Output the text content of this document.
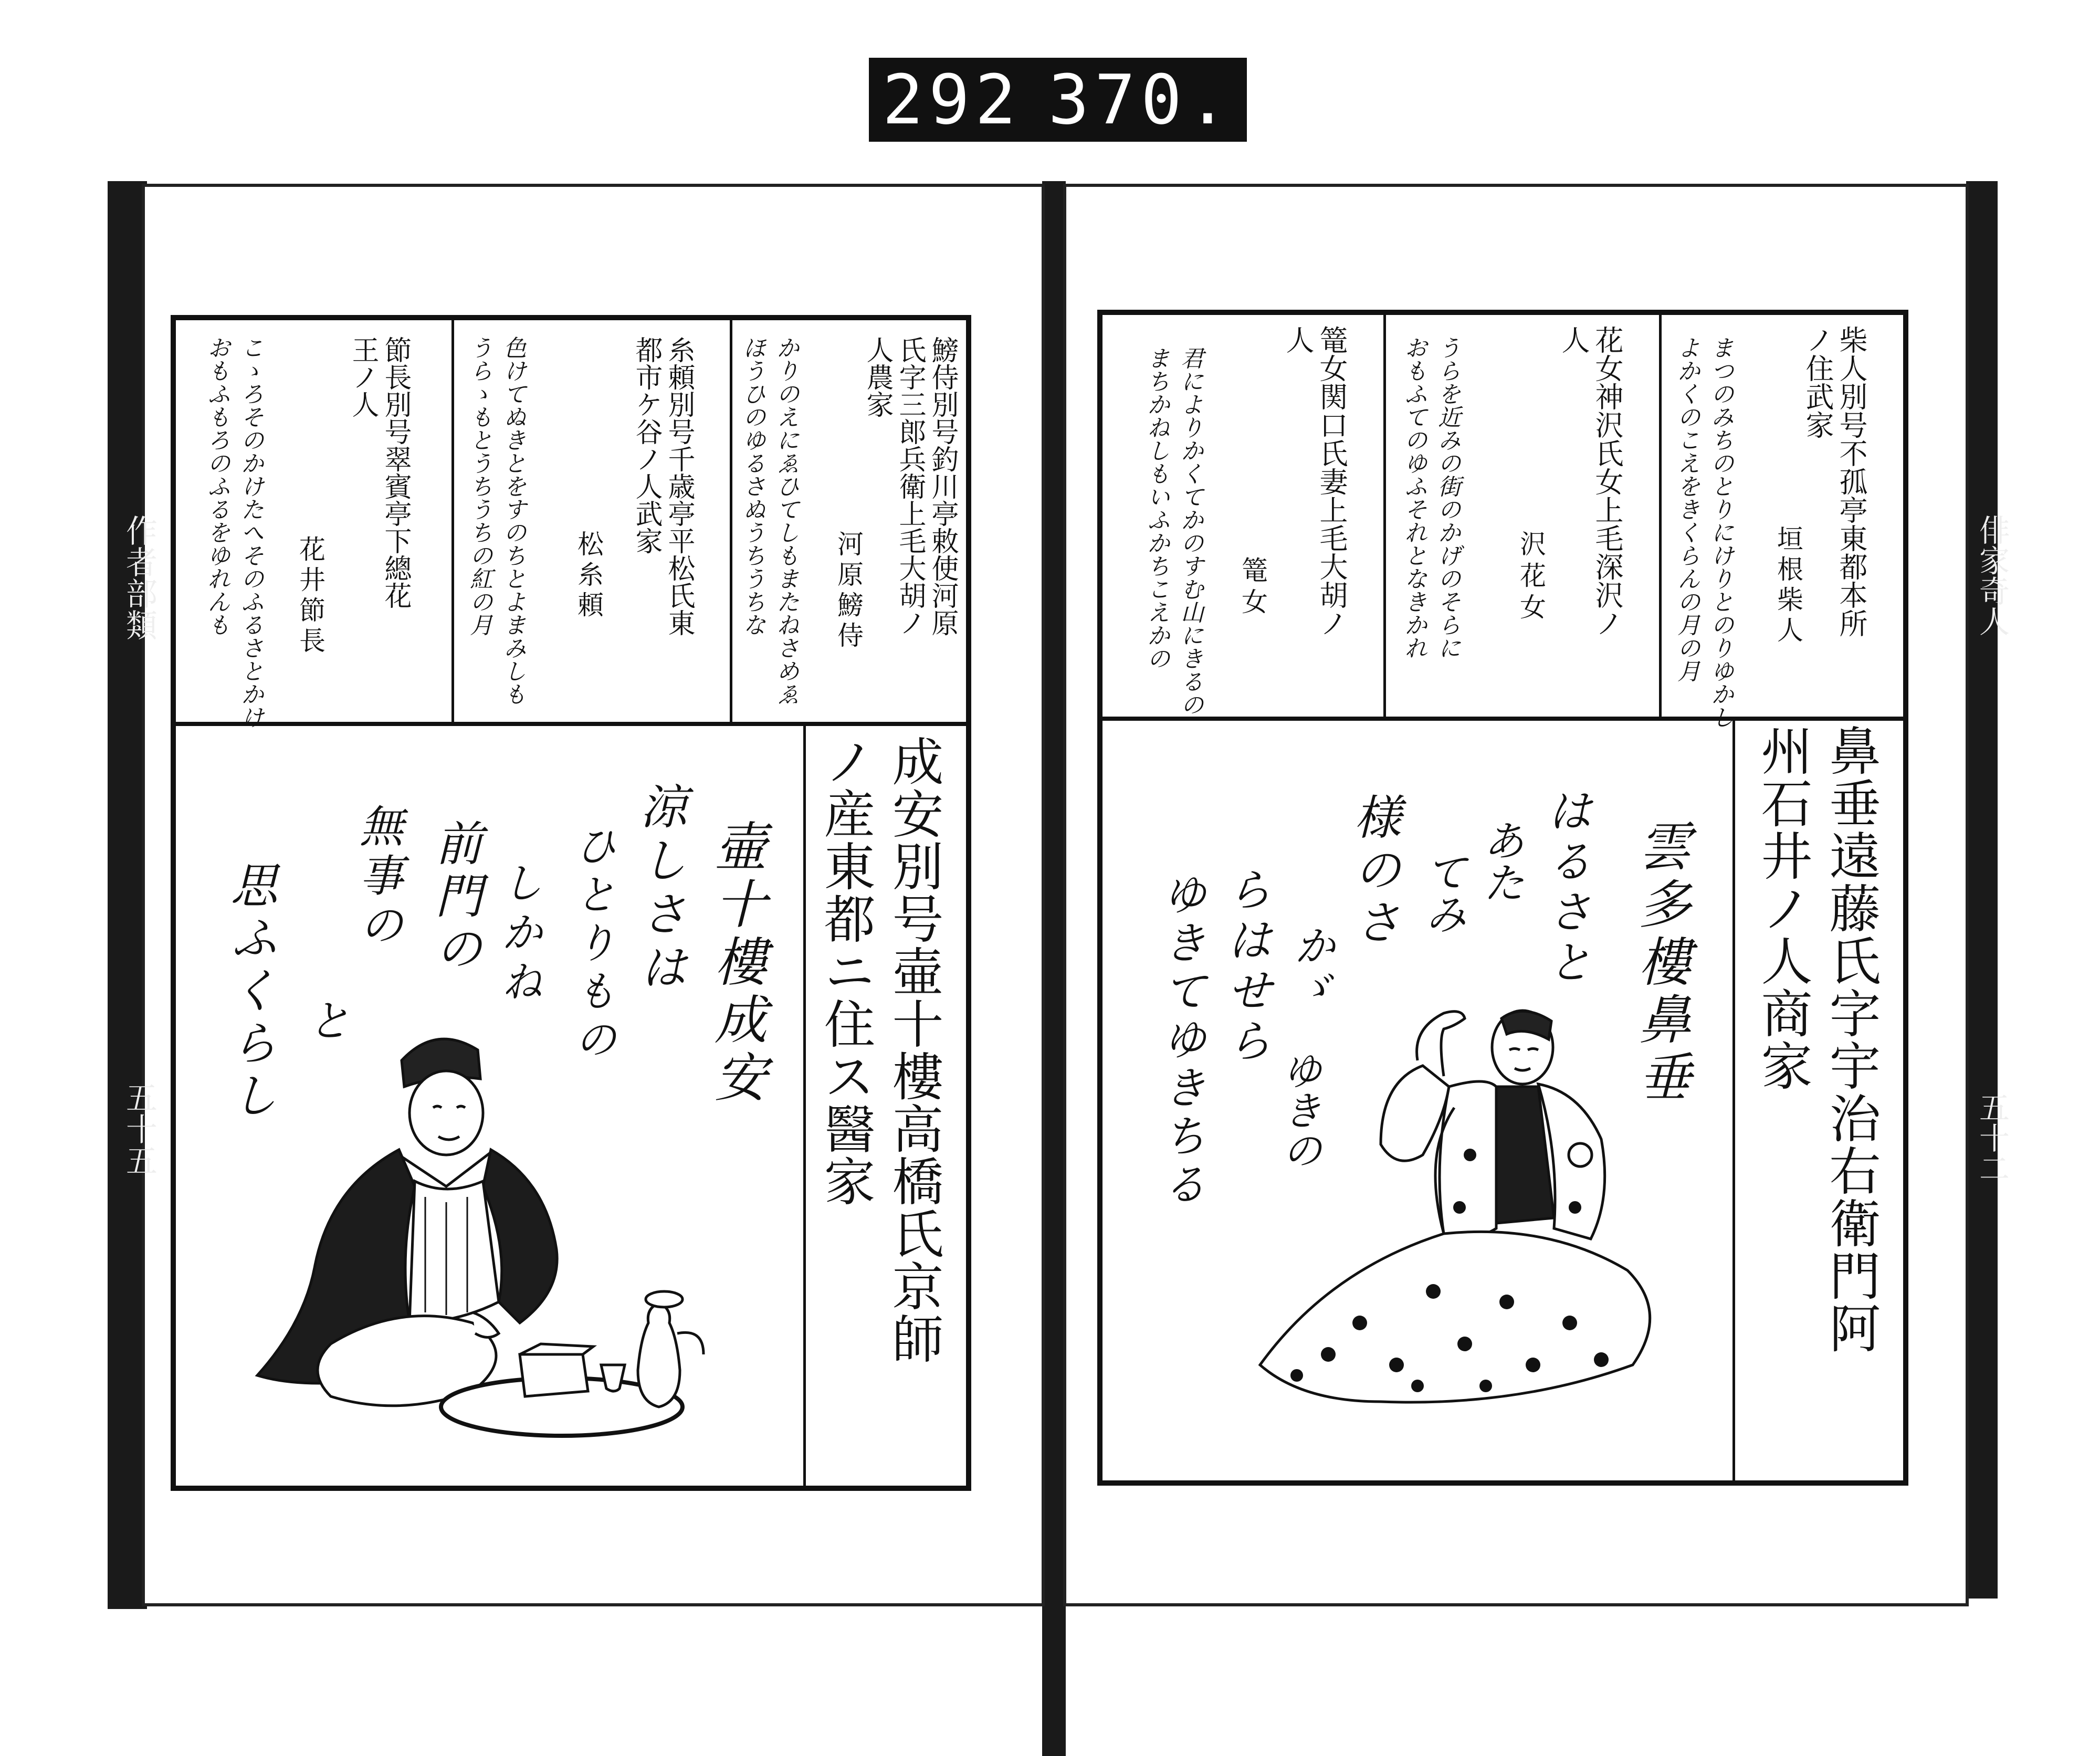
292 370.
作者部類
五十五
俳家奇人
五十二
鰟侍別号釣川亭敕使河原
氏字三郎兵衛上毛大胡ノ
人農家
河原鰟侍
かりのえにゑひてしもまたねさめゑ
ほうひのゆるさぬうちうちな
糸頼別号千歳亭平松氏東
都市ケ谷ノ人武家
松糸頼
色けてぬきとをすのちとよまみしも
うらゝもとうちうちの紅の月
節長別号翠賓亭下總花
王ノ人
花井節長
こゝろそのかけたへそのふるさとかけ
おもふもろのふるをゆれんも
成安別号壷十樓高橋氏京師
ノ産東都ニ住ス醫家
壷十樓成安
涼しさは
ひとりもの
しかね
前門の
無事の
と
思ふくらし
柴人別号不孤亭東都本所
ノ住武家
垣根柴人
まつのみちのとりにけりとのりゆかし
よかくのこえをきくらんの月の月
花女神沢氏女上毛深沢ノ
人
沢花女
うらを近みの街のかげのそらに
おもふてのゆふそれとなきかれ
篭女関口氏妻上毛大胡ノ
人
篭女
君によりかくてかのすむ山にきるの
まちかねしもいふかちこえかの
鼻垂遠藤氏字宇治右衛門阿
州石井ノ人商家
雲多樓鼻垂
はるさと
あた
てみ
様のさ
かゞ
らはせら
ゆきの
ゆきてゆきちる
